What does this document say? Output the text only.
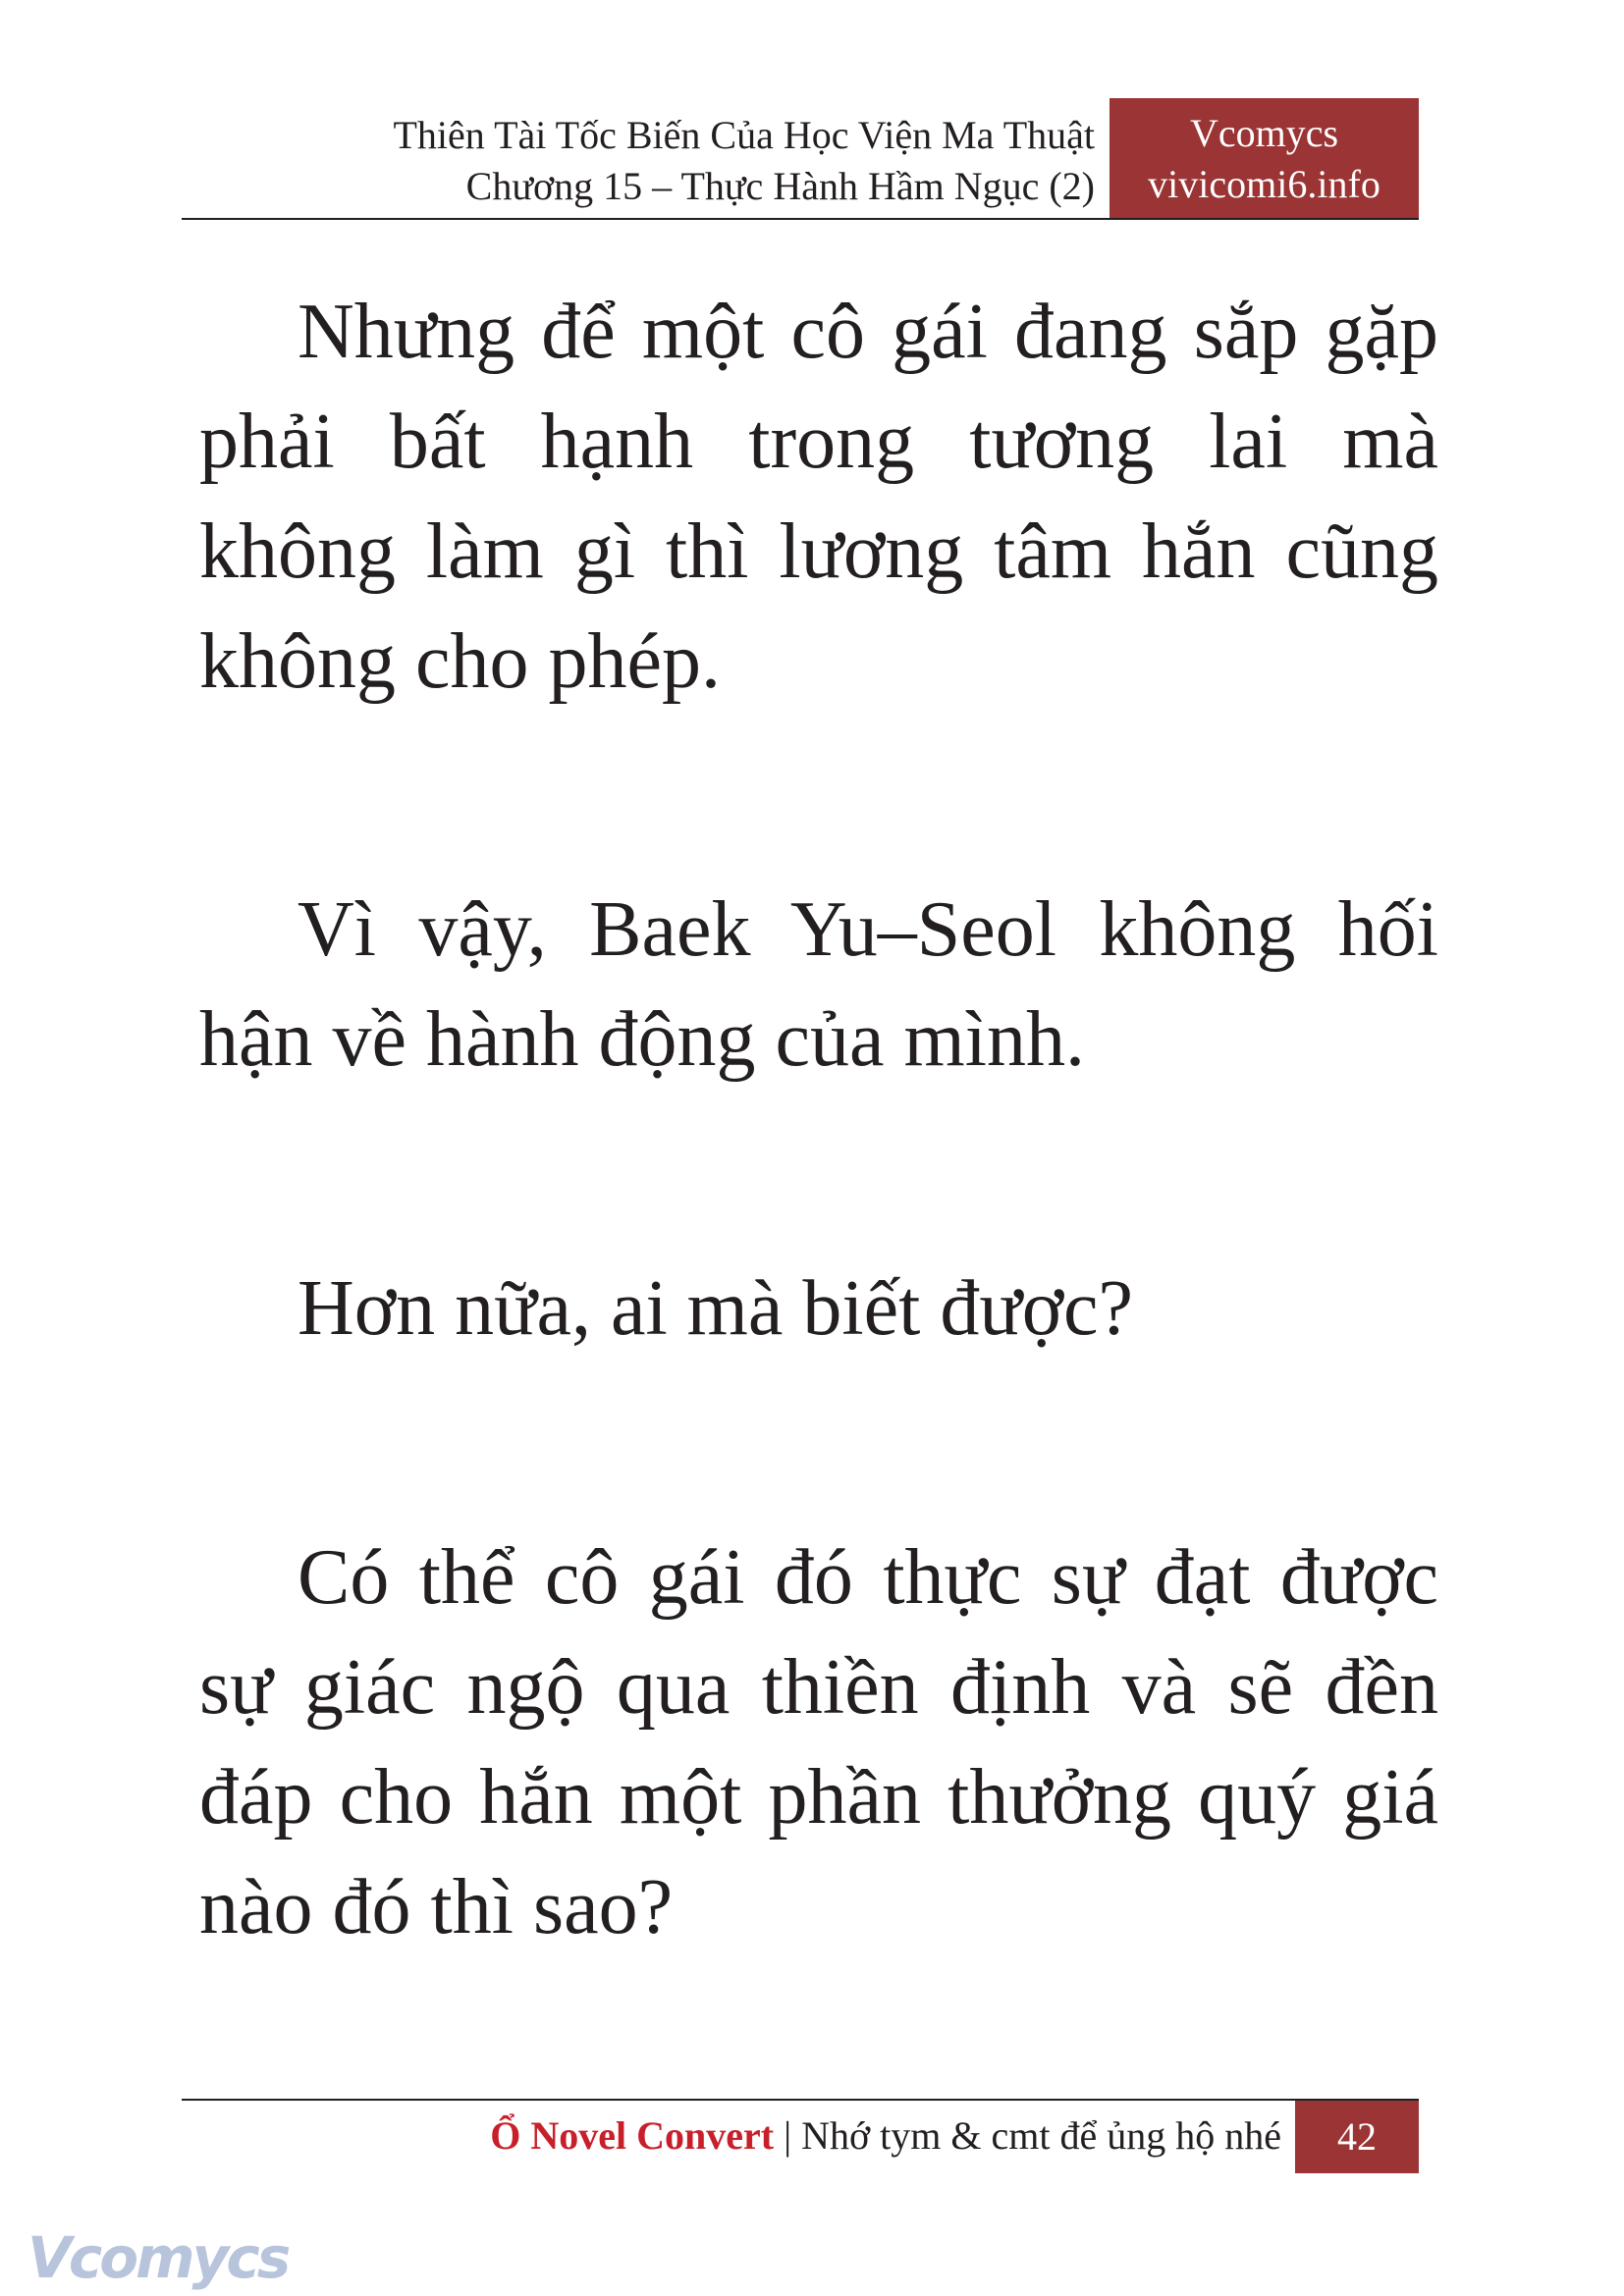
Thiên Tài Tốc Biến Của Học Viện Ma Thuật
Chương 15 – Thực Hành Hầm Ngục (2)
Vcomycs
vivicomi6.info

Nhưng để một cô gái đang sắp gặp phải bất hạnh trong tương lai mà không làm gì thì lương tâm hắn cũng không cho phép.

Vì vậy, Baek Yu–Seol không hối hận về hành động của mình.

Hơn nữa, ai mà biết được?

Có thể cô gái đó thực sự đạt được sự giác ngộ qua thiền định và sẽ đền đáp cho hắn một phần thưởng quý giá nào đó thì sao?

Ổ Novel Convert | Nhớ tym & cmt để ủng hộ nhé	42
Vcomycs
